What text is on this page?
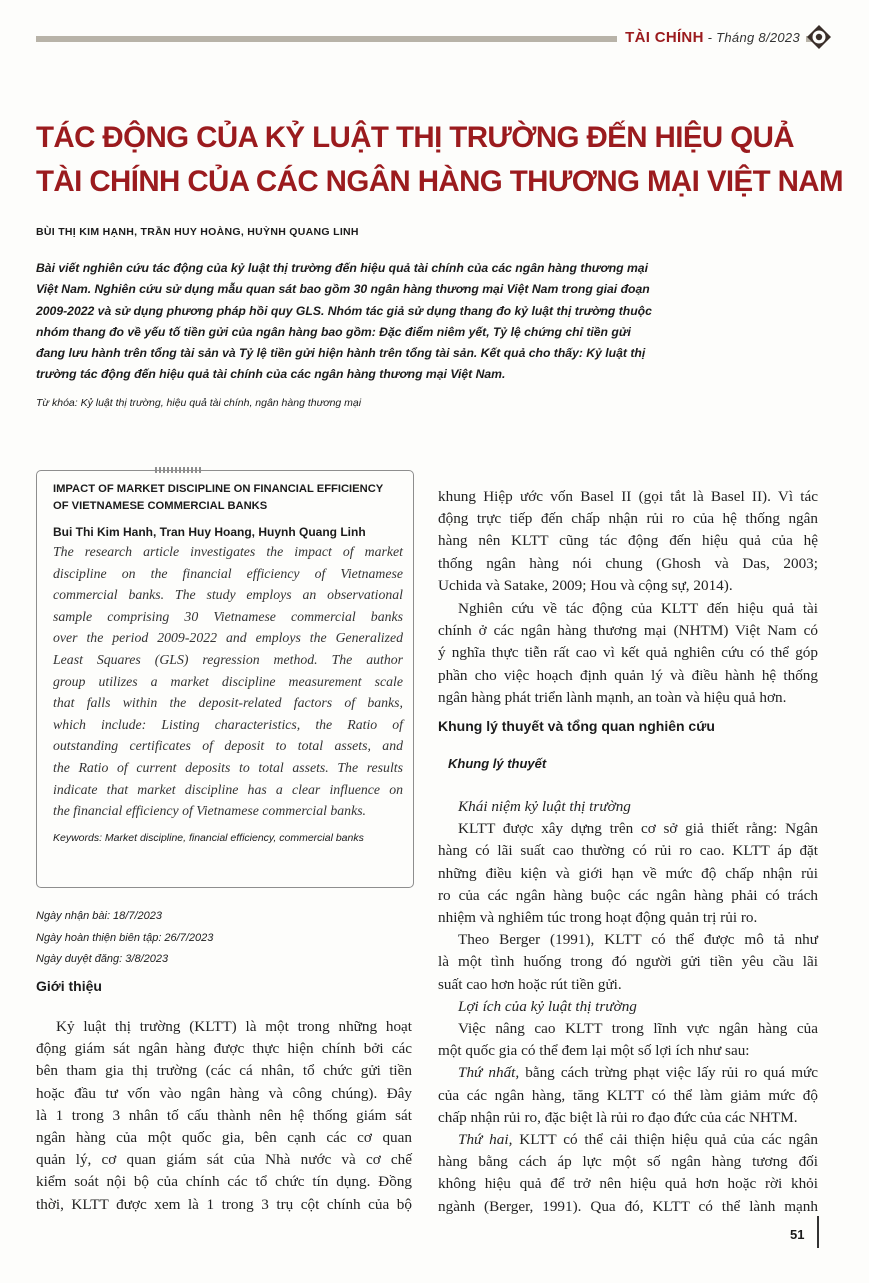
TÀI CHÍNH - Tháng 8/2023
TÁC ĐỘNG CỦA KỶ LUẬT THỊ TRƯỜNG ĐẾN HIỆU QUẢ
TÀI CHÍNH CỦA CÁC NGÂN HÀNG THƯƠNG MẠI VIỆT NAM
BÙI THỊ KIM HẠNH, TRẦN HUY HOÀNG, HUỲNH QUANG LINH

Bài viết nghiên cứu tác động của kỷ luật thị trường đến hiệu quả tài chính của các ngân hàng thương mại
Việt Nam. Nghiên cứu sử dụng mẫu quan sát bao gồm 30 ngân hàng thương mại Việt Nam trong giai đoạn
2009-2022 và sử dụng phương pháp hồi quy GLS. Nhóm tác giả sử dụng thang đo kỷ luật thị trường thuộc
nhóm thang đo về yếu tố tiền gửi của ngân hàng bao gồm: Đặc điểm niêm yết, Tỷ lệ chứng chỉ tiền gửi
đang lưu hành trên tổng tài sản và Tỷ lệ tiền gửi hiện hành trên tổng tài sản. Kết quả cho thấy: Kỷ luật thị
trường tác động đến hiệu quả tài chính của các ngân hàng thương mại Việt Nam.

Từ khóa: Kỷ luật thị trường, hiệu quả tài chính, ngân hàng thương mại

IMPACT OF MARKET DISCIPLINE ON FINANCIAL EFFICIENCY
OF VIETNAMESE COMMERCIAL BANKS

Bui Thi Kim Hanh, Tran Huy Hoang, Huynh Quang Linh

The research article investigates the impact of market
discipline on the financial efficiency of Vietnamese
commercial banks. The study employs an observational
sample comprising 30 Vietnamese commercial banks
over the period 2009-2022 and employs the Generalized
Least Squares (GLS) regression method. The author
group utilizes a market discipline measurement scale
that falls within the deposit-related factors of banks,
which include: Listing characteristics, the Ratio of
outstanding certificates of deposit to total assets, and
the Ratio of current deposits to total assets. The results
indicate that market discipline has a clear influence on
the financial efficiency of Vietnamese commercial banks.

Keywords: Market discipline, financial efficiency, commercial banks
Ngày nhận bài: 18/7/2023
Ngày hoàn thiện biên tập: 26/7/2023
Ngày duyệt đăng: 3/8/2023
Giới thiệu

Kỷ luật thị trường (KLTT) là một trong những hoạt
động giám sát ngân hàng được thực hiện chính bởi các
bên tham gia thị trường (các cá nhân, tổ chức gửi tiền
hoặc đầu tư vốn vào ngân hàng và công chúng). Đây
là 1 trong 3 nhân tố cấu thành nên hệ thống giám sát
ngân hàng của một quốc gia, bên cạnh các cơ quan
quản lý, cơ quan giám sát của Nhà nước và cơ chế
kiểm soát nội bộ của chính các tổ chức tín dụng. Đồng
thời, KLTT được xem là 1 trong 3 trụ cột chính của bộ

khung Hiệp ước vốn Basel II (gọi tắt là Basel II). Vì tác
động trực tiếp đến chấp nhận rủi ro của hệ thống ngân
hàng nên KLTT cũng tác động đến hiệu quả của hệ
thống ngân hàng nói chung (Ghosh và Das, 2003;
Uchida và Satake, 2009; Hou và cộng sự, 2014).

Nghiên cứu về tác động của KLTT đến hiệu quả tài
chính ở các ngân hàng thương mại (NHTM) Việt Nam có
ý nghĩa thực tiễn rất cao vì kết quả nghiên cứu có thể góp
phần cho việc hoạch định quản lý và điều hành hệ thống
ngân hàng phát triển lành mạnh, an toàn và hiệu quả hơn.

Khung lý thuyết và tổng quan nghiên cứu
Khung lý thuyết

Khái niệm kỷ luật thị trường
KLTT được xây dựng trên cơ sở giả thiết rằng: Ngân
hàng có lãi suất cao thường có rủi ro cao. KLTT áp đặt
những điều kiện và giới hạn về mức độ chấp nhận rủi
ro của các ngân hàng buộc các ngân hàng phải có trách
nhiệm và nghiêm túc trong hoạt động quản trị rủi ro.
Theo Berger (1991), KLTT có thể được mô tả như
là một tình huống trong đó người gửi tiền yêu cầu lãi
suất cao hơn hoặc rút tiền gửi.
Lợi ích của kỷ luật thị trường
Việc nâng cao KLTT trong lĩnh vực ngân hàng của
một quốc gia có thể đem lại một số lợi ích như sau:
Thứ nhất, bằng cách trừng phạt việc lấy rủi ro quá mức
của các ngân hàng, tăng KLTT có thể làm giảm mức độ
chấp nhận rủi ro, đặc biệt là rủi ro đạo đức của các NHTM.
Thứ hai, KLTT có thể cải thiện hiệu quả của các ngân
hàng bằng cách áp lực một số ngân hàng tương đối
không hiệu quả để trở nên hiệu quả hơn hoặc rời khỏi
ngành (Berger, 1991). Qua đó, KLTT có thể lành mạnh

51
